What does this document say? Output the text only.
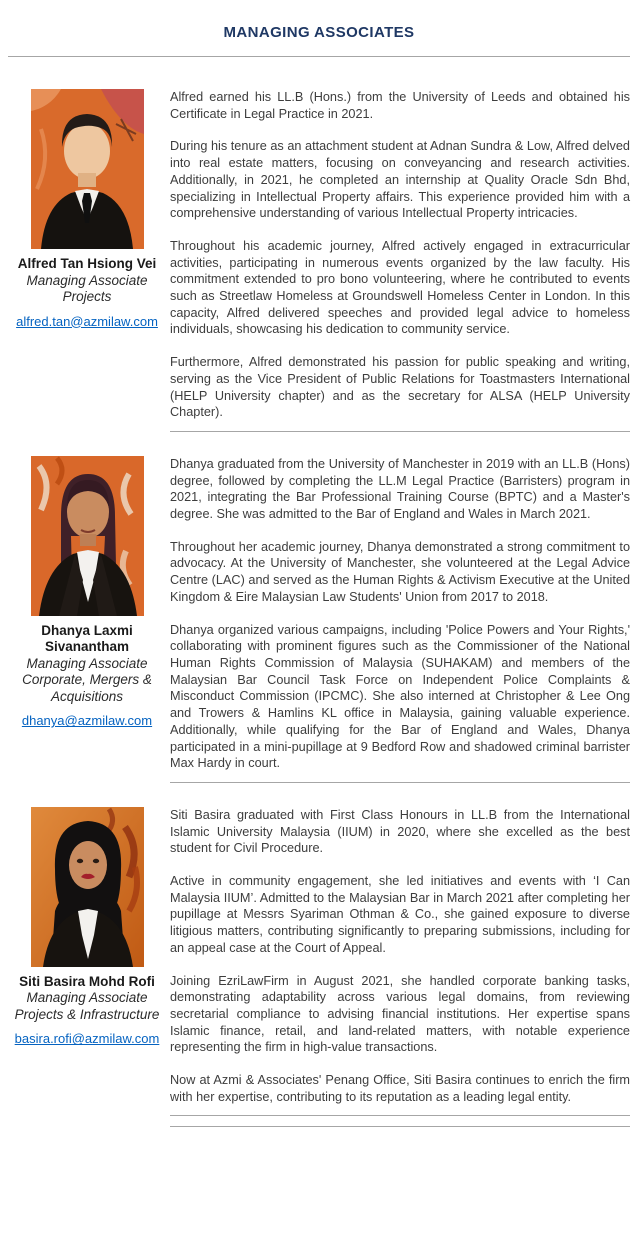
MANAGING ASSOCIATES
Alfred Tan Hsiong Vei
Managing Associate
Projects
alfred.tan@azmilaw.com

Alfred earned his LL.B (Hons.) from the University of Leeds and obtained his Certificate in Legal Practice in 2021.

During his tenure as an attachment student at Adnan Sundra & Low, Alfred delved into real estate matters, focusing on conveyancing and research activities. Additionally, in 2021, he completed an internship at Quality Oracle Sdn Bhd, specializing in Intellectual Property affairs. This experience provided him with a comprehensive understanding of various Intellectual Property intricacies.

Throughout his academic journey, Alfred actively engaged in extracurricular activities, participating in numerous events organized by the law faculty. His commitment extended to pro bono volunteering, where he contributed to events such as Streetlaw Homeless at Groundswell Homeless Center in London. In this capacity, Alfred delivered speeches and provided legal advice to homeless individuals, showcasing his dedication to community service.

Furthermore, Alfred demonstrated his passion for public speaking and writing, serving as the Vice President of Public Relations for Toastmasters International (HELP University chapter) and as the secretary for ALSA (HELP University Chapter).

Dhanya Laxmi Sivanantham
Managing Associate
Corporate, Mergers & Acquisitions
dhanya@azmilaw.com

Dhanya graduated from the University of Manchester in 2019 with an LL.B (Hons) degree, followed by completing the LL.M Legal Practice (Barristers) program in 2021, integrating the Bar Professional Training Course (BPTC) and a Master's degree. She was admitted to the Bar of England and Wales in March 2021.

Throughout her academic journey, Dhanya demonstrated a strong commitment to advocacy. At the University of Manchester, she volunteered at the Legal Advice Centre (LAC) and served as the Human Rights & Activism Executive at the United Kingdom & Eire Malaysian Law Students' Union from 2017 to 2018.

Dhanya organized various campaigns, including 'Police Powers and Your Rights,' collaborating with prominent figures such as the Commissioner of the National Human Rights Commission of Malaysia (SUHAKAM) and members of the Malaysian Bar Council Task Force on Independent Police Complaints & Misconduct Commission (IPCMC). She also interned at Christopher & Lee Ong and Trowers & Hamlins KL office in Malaysia, gaining valuable experience. Additionally, while qualifying for the Bar of England and Wales, Dhanya participated in a mini-pupillage at 9 Bedford Row and shadowed criminal barrister Max Hardy in court.

Siti Basira Mohd Rofi
Managing Associate
Projects & Infrastructure
basira.rofi@azmilaw.com

Siti Basira graduated with First Class Honours in LL.B from the International Islamic University Malaysia (IIUM) in 2020, where she excelled as the best student for Civil Procedure.

Active in community engagement, she led initiatives and events with ‘I Can Malaysia IIUM’. Admitted to the Malaysian Bar in March 2021 after completing her pupillage at Messrs Syariman Othman & Co., she gained exposure to diverse litigious matters, contributing significantly to preparing submissions, including for an appeal case at the Court of Appeal.

Joining EzriLawFirm in August 2021, she handled corporate banking tasks, demonstrating adaptability across various legal domains, from reviewing secretarial compliance to advising financial institutions. Her expertise spans Islamic finance, retail, and land-related matters, with notable experience representing the firm in high-value transactions.

Now at Azmi & Associates' Penang Office, Siti Basira continues to enrich the firm with her expertise, contributing to its reputation as a leading legal entity.
